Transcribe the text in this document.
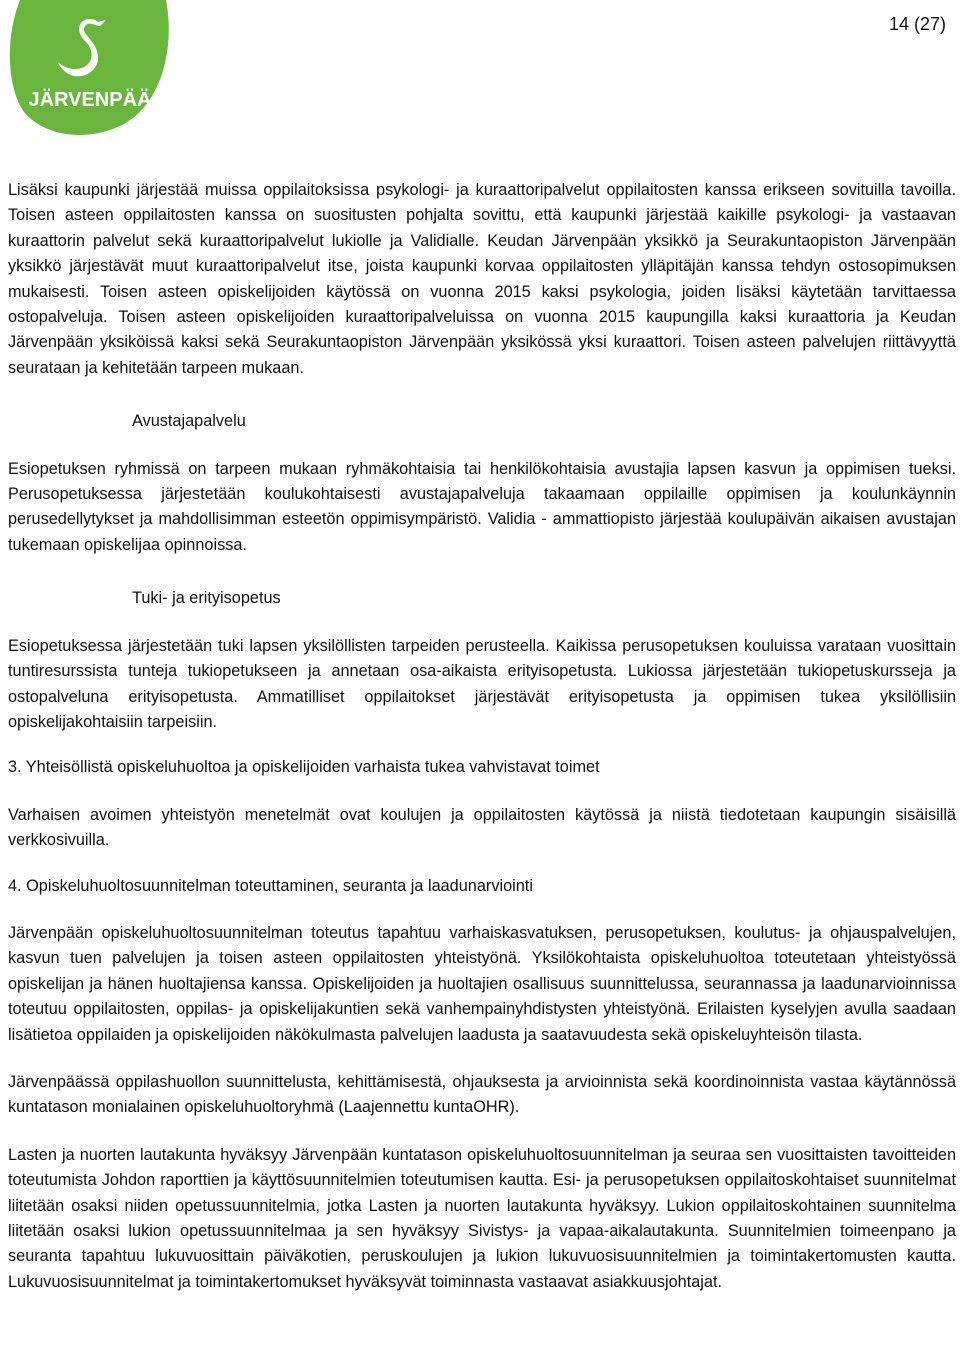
14 (27)
JÄRVENPÄÄ

Lisäksi kaupunki järjestää muissa oppilaitoksissa psykologi- ja kuraattoripalvelut oppilaitosten kanssa erikseen sovituilla tavoilla. Toisen asteen oppilaitosten kanssa on suositusten pohjalta sovittu, että kaupunki järjestää kaikille psykologi- ja vastaavan kuraattorin palvelut sekä kuraattoripalvelut lukiolle ja Validialle. Keudan Järvenpään yksikkö ja Seurakuntaopiston Järvenpään yksikkö järjestävät muut kuraattoripalvelut itse, joista kaupunki korvaa oppilaitosten ylläpitäjän kanssa tehdyn ostosopimuksen mukaisesti. Toisen asteen opiskelijoiden käytössä on vuonna 2015 kaksi psykologia, joiden lisäksi käytetään tarvittaessa ostopalveluja. Toisen asteen opiskelijoiden kuraattoripalveluissa on vuonna 2015 kaupungilla kaksi kuraattoria ja Keudan Järvenpään yksiköissä kaksi sekä Seurakuntaopiston Järvenpään yksikössä yksi kuraattori. Toisen asteen palvelujen riittävyyttä seurataan ja kehitetään tarpeen mukaan.

Avustajapalvelu

Esiopetuksen ryhmissä on tarpeen mukaan ryhmäkohtaisia tai henkilökohtaisia avustajia lapsen kasvun ja oppimisen tueksi. Perusopetuksessa järjestetään koulukohtaisesti avustajapalveluja takaamaan oppilaille oppimisen ja koulunkäynnin perusedellytykset ja mahdollisimman esteetön oppimisympäristö. Validia - ammattiopisto järjestää koulupäivän aikaisen avustajan tukemaan opiskelijaa opinnoissa.

Tuki- ja erityisopetus

Esiopetuksessa järjestetään tuki lapsen yksilöllisten tarpeiden perusteella. Kaikissa perusopetuksen kouluissa varataan vuosittain tuntiresurssista tunteja tukiopetukseen ja annetaan osa-aikaista erityisopetusta. Lukiossa järjestetään tukiopetuskursseja ja ostopalveluna erityisopetusta. Ammatilliset oppilaitokset järjestävät erityisopetusta ja oppimisen tukea yksilöllisiin opiskelijakohtaisiin tarpeisiin.

3. Yhteisöllistä opiskeluhuoltoa ja opiskelijoiden varhaista tukea vahvistavat toimet

Varhaisen avoimen yhteistyön menetelmät ovat koulujen ja oppilaitosten käytössä ja niistä tiedotetaan kaupungin sisäisillä verkkosivuilla.

4. Opiskeluhuoltosuunnitelman toteuttaminen, seuranta ja laadunarviointi

Järvenpään opiskeluhuoltosuunnitelman toteutus tapahtuu varhaiskasvatuksen, perusopetuksen, koulutus- ja ohjauspalvelujen, kasvun tuen palvelujen ja toisen asteen oppilaitosten yhteistyönä. Yksilökohtaista opiskeluhuoltoa toteutetaan yhteistyössä opiskelijan ja hänen huoltajiensa kanssa. Opiskelijoiden ja huoltajien osallisuus suunnittelussa, seurannassa ja laadunarvioinnissa toteutuu oppilaitosten, oppilas- ja opiskelijakuntien sekä vanhempainyhdistysten yhteistyönä. Erilaisten kyselyjen avulla saadaan lisätietoa oppilaiden ja opiskelijoiden näkökulmasta palvelujen laadusta ja saatavuudesta sekä opiskeluyhteisön tilasta.

Järvenpäässä oppilashuollon suunnittelusta, kehittämisestä, ohjauksesta ja arvioinnista sekä koordinoinnista vastaa käytännössä kuntatason monialainen opiskeluhuoltoryhmä (Laajennettu kuntaOHR).

Lasten ja nuorten lautakunta hyväksyy Järvenpään kuntatason opiskeluhuoltosuunnitelman ja seuraa sen vuosittaisten tavoitteiden toteutumista Johdon raporttien ja käyttösuunnitelmien toteutumisen kautta. Esi- ja perusopetuksen oppilaitoskohtaiset suunnitelmat liitetään osaksi niiden opetussuunnitelmia, jotka Lasten ja nuorten lautakunta hyväksyy. Lukion oppilaitoskohtainen suunnitelma liitetään osaksi lukion opetussuunnitelmaa ja sen hyväksyy Sivistys- ja vapaa-aikalautakunta. Suunnitelmien toimeenpano ja seuranta tapahtuu lukuvuosittain päiväkotien, peruskoulujen ja lukion lukuvuosisuunnitelmien ja toimintakertomusten kautta. Lukuvuosisuunnitelmat ja toimintakertomukset hyväksyvät toiminnasta vastaavat asiakkuusjohtajat.
